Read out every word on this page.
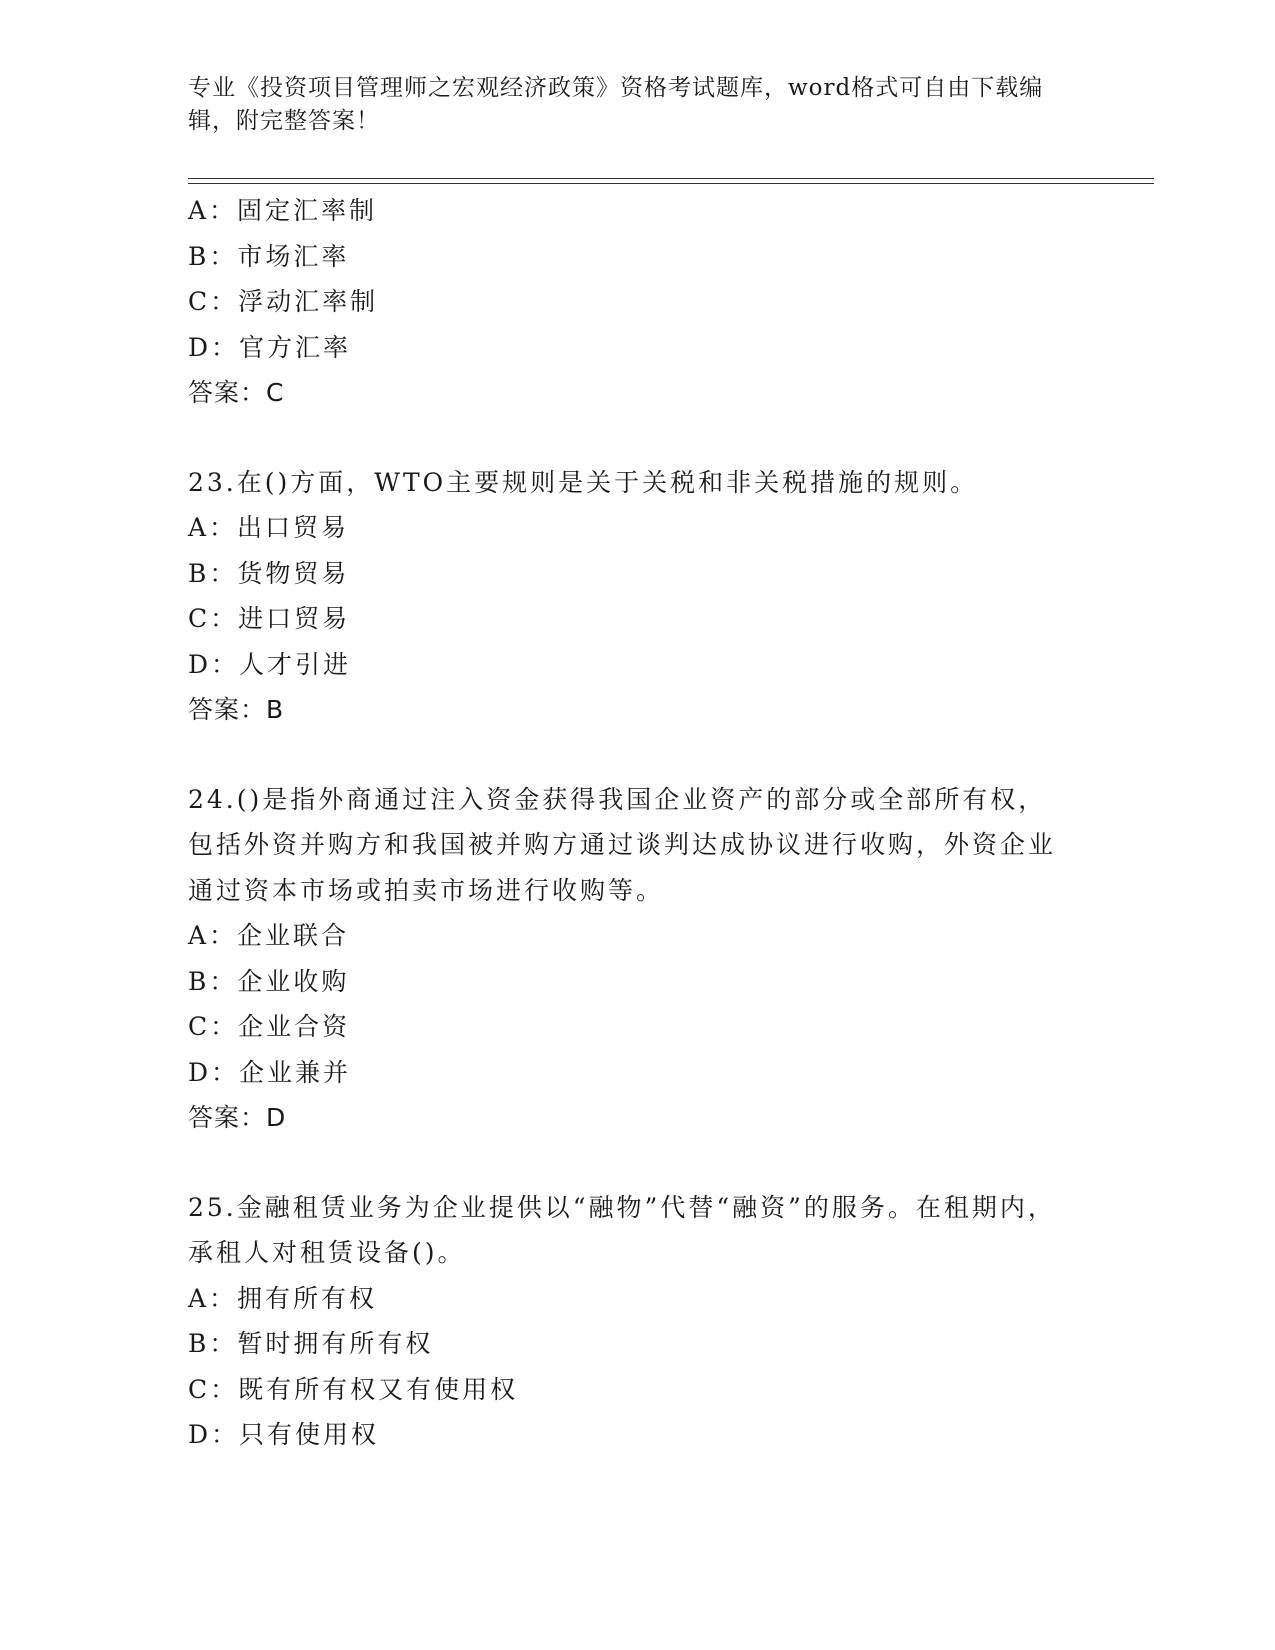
专业《投资项目管理师之宏观经济政策》资格考试题库，word格式可自由下载编辑，附完整答案！
A：固定汇率制
B：市场汇率
C：浮动汇率制
D：官方汇率
答案：C
23.在()方面，WTO主要规则是关于关税和非关税措施的规则。
A：出口贸易
B：货物贸易
C：进口贸易
D：人才引进
答案：B
24.()是指外商通过注入资金获得我国企业资产的部分或全部所有权，包括外资并购方和我国被并购方通过谈判达成协议进行收购，外资企业通过资本市场或拍卖市场进行收购等。
A：企业联合
B：企业收购
C：企业合资
D：企业兼并
答案：D
25.金融租赁业务为企业提供以“融物”代替“融资”的服务。在租期内，承租人对租赁设备()。
A：拥有所有权
B：暂时拥有所有权
C：既有所有权又有使用权
D：只有使用权
